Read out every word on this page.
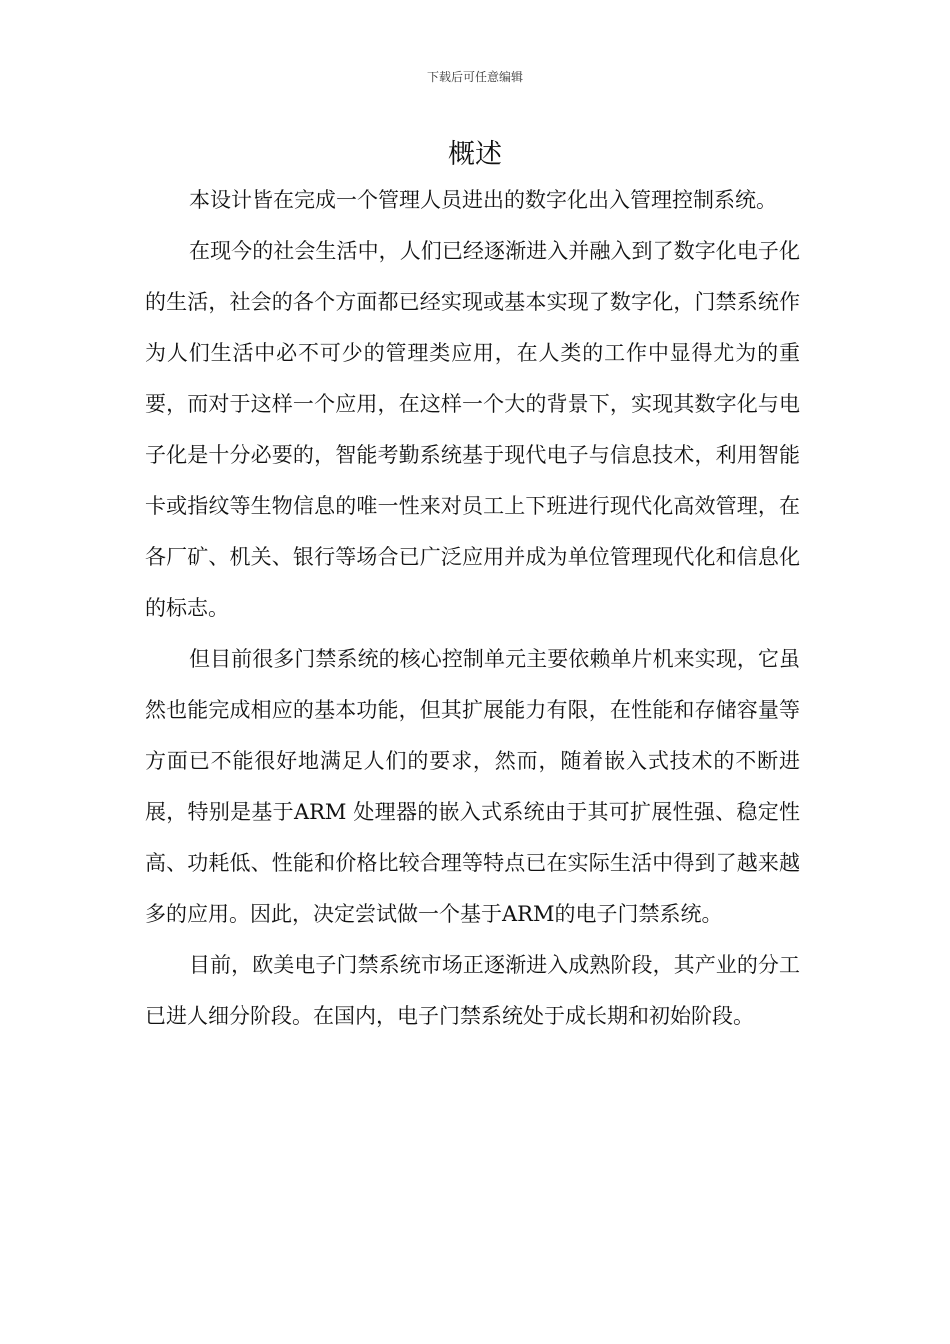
下载后可任意编辑
概述

本设计皆在完成一个管理人员进出的数字化出入管理控制系统。

在现今的社会生活中，人们已经逐渐进入并融入到了数字化电子化的生活，社会的各个方面都已经实现或基本实现了数字化，门禁系统作为人们生活中必不可少的管理类应用，在人类的工作中显得尤为的重要，而对于这样一个应用，在这样一个大的背景下，实现其数字化与电子化是十分必要的，智能考勤系统基于现代电子与信息技术，利用智能卡或指纹等生物信息的唯一性来对员工上下班进行现代化高效管理，在各厂矿、机关、银行等场合已广泛应用并成为单位管理现代化和信息化的标志。

但目前很多门禁系统的核心控制单元主要依赖单片机来实现，它虽然也能完成相应的基本功能，但其扩展能力有限，在性能和存储容量等方面已不能很好地满足人们的要求，然而，随着嵌入式技术的不断进展，特别是基于ARM 处理器的嵌入式系统由于其可扩展性强、稳定性高、功耗低、性能和价格比较合理等特点已在实际生活中得到了越来越多的应用。因此，决定尝试做一个基于ARM的电子门禁系统。

目前，欧美电子门禁系统市场正逐渐进入成熟阶段，其产业的分工已进人细分阶段。在国内，电子门禁系统处于成长期和初始阶段。
